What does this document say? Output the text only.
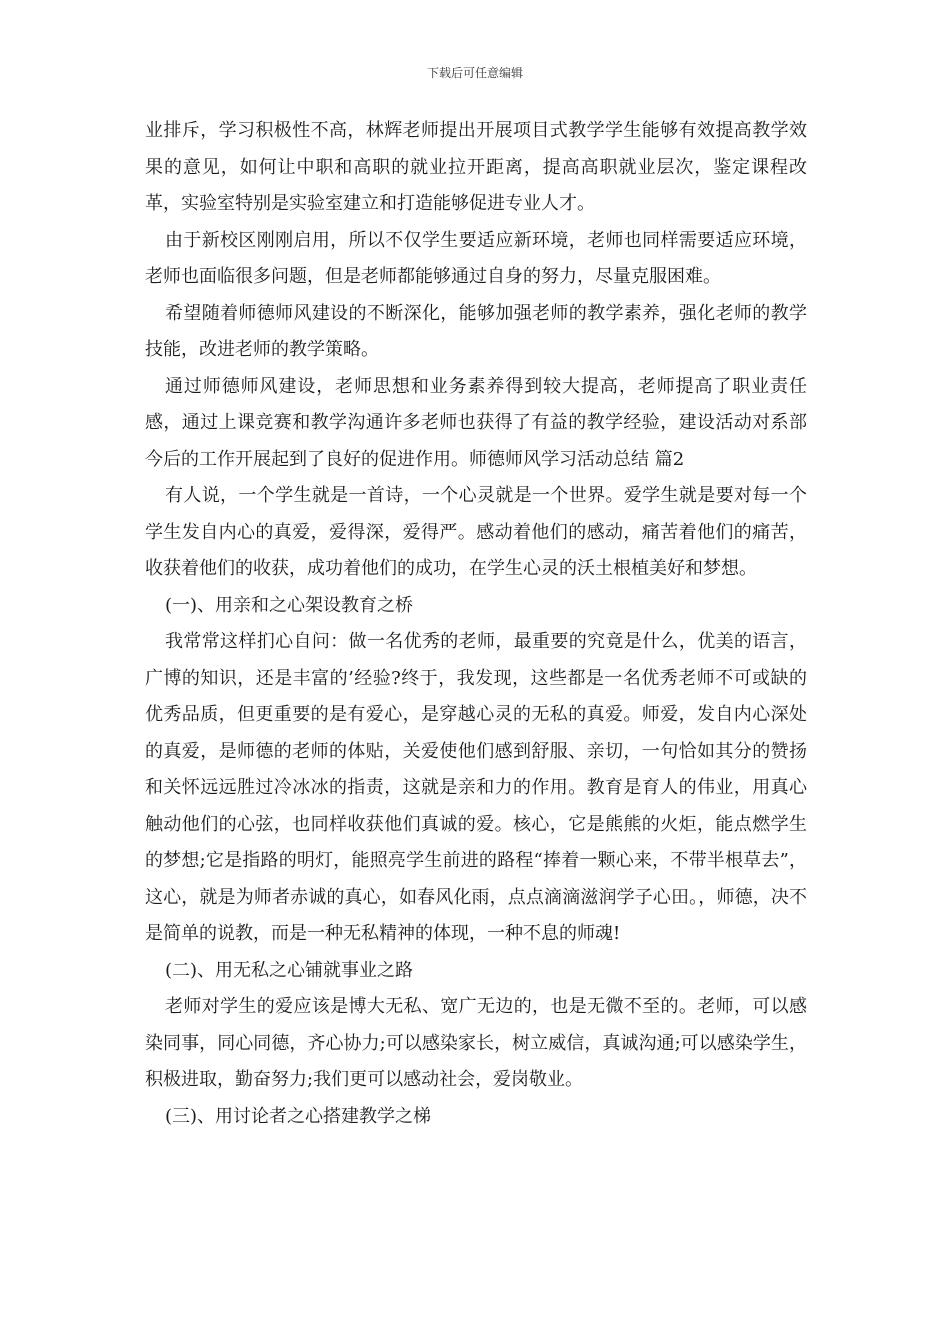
下载后可任意编辑

业排斥，学习积极性不高，林辉老师提出开展项目式教学学生能够有效提高教学效果的意见，如何让中职和高职的就业拉开距离，提高高职就业层次，鉴定课程改革，实验室特别是实验室建立和打造能够促进专业人才。

由于新校区刚刚启用，所以不仅学生要适应新环境，老师也同样需要适应环境，老师也面临很多问题，但是老师都能够通过自身的努力，尽量克服困难。

希望随着师德师风建设的不断深化，能够加强老师的教学素养，强化老师的教学技能，改进老师的教学策略。

通过师德师风建设，老师思想和业务素养得到较大提高，老师提高了职业责任感，通过上课竞赛和教学沟通许多老师也获得了有益的教学经验，建设活动对系部今后的工作开展起到了良好的促进作用。师德师风学习活动总结 篇2

有人说，一个学生就是一首诗，一个心灵就是一个世界。爱学生就是要对每一个学生发自内心的真爱，爱得深，爱得严。感动着他们的感动，痛苦着他们的痛苦，收获着他们的收获，成功着他们的成功，在学生心灵的沃土根植美好和梦想。

(一)、用亲和之心架设教育之桥

我常常这样扪心自问：做一名优秀的老师，最重要的究竟是什么，优美的语言，广博的知识，还是丰富的’经验?终于，我发现，这些都是一名优秀老师不可或缺的优秀品质，但更重要的是有爱心，是穿越心灵的无私的真爱。师爱，发自内心深处的真爱，是师德的老师的体贴，关爱使他们感到舒服、亲切，一句恰如其分的赞扬和关怀远远胜过冷冰冰的指责，这就是亲和力的作用。教育是育人的伟业，用真心触动他们的心弦，也同样收获他们真诚的爱。核心，它是熊熊的火炬，能点燃学生的梦想;它是指路的明灯，能照亮学生前进的路程“捧着一颗心来，不带半根草去”，这心，就是为师者赤诚的真心，如春风化雨，点点滴滴滋润学子心田。，师德，决不是简单的说教，而是一种无私精神的体现，一种不息的师魂!

(二)、用无私之心铺就事业之路

老师对学生的爱应该是博大无私、宽广无边的，也是无微不至的。老师，可以感染同事，同心同德，齐心协力;可以感染家长，树立威信，真诚沟通;可以感染学生，积极进取，勤奋努力;我们更可以感动社会，爱岗敬业。

(三)、用讨论者之心搭建教学之梯
